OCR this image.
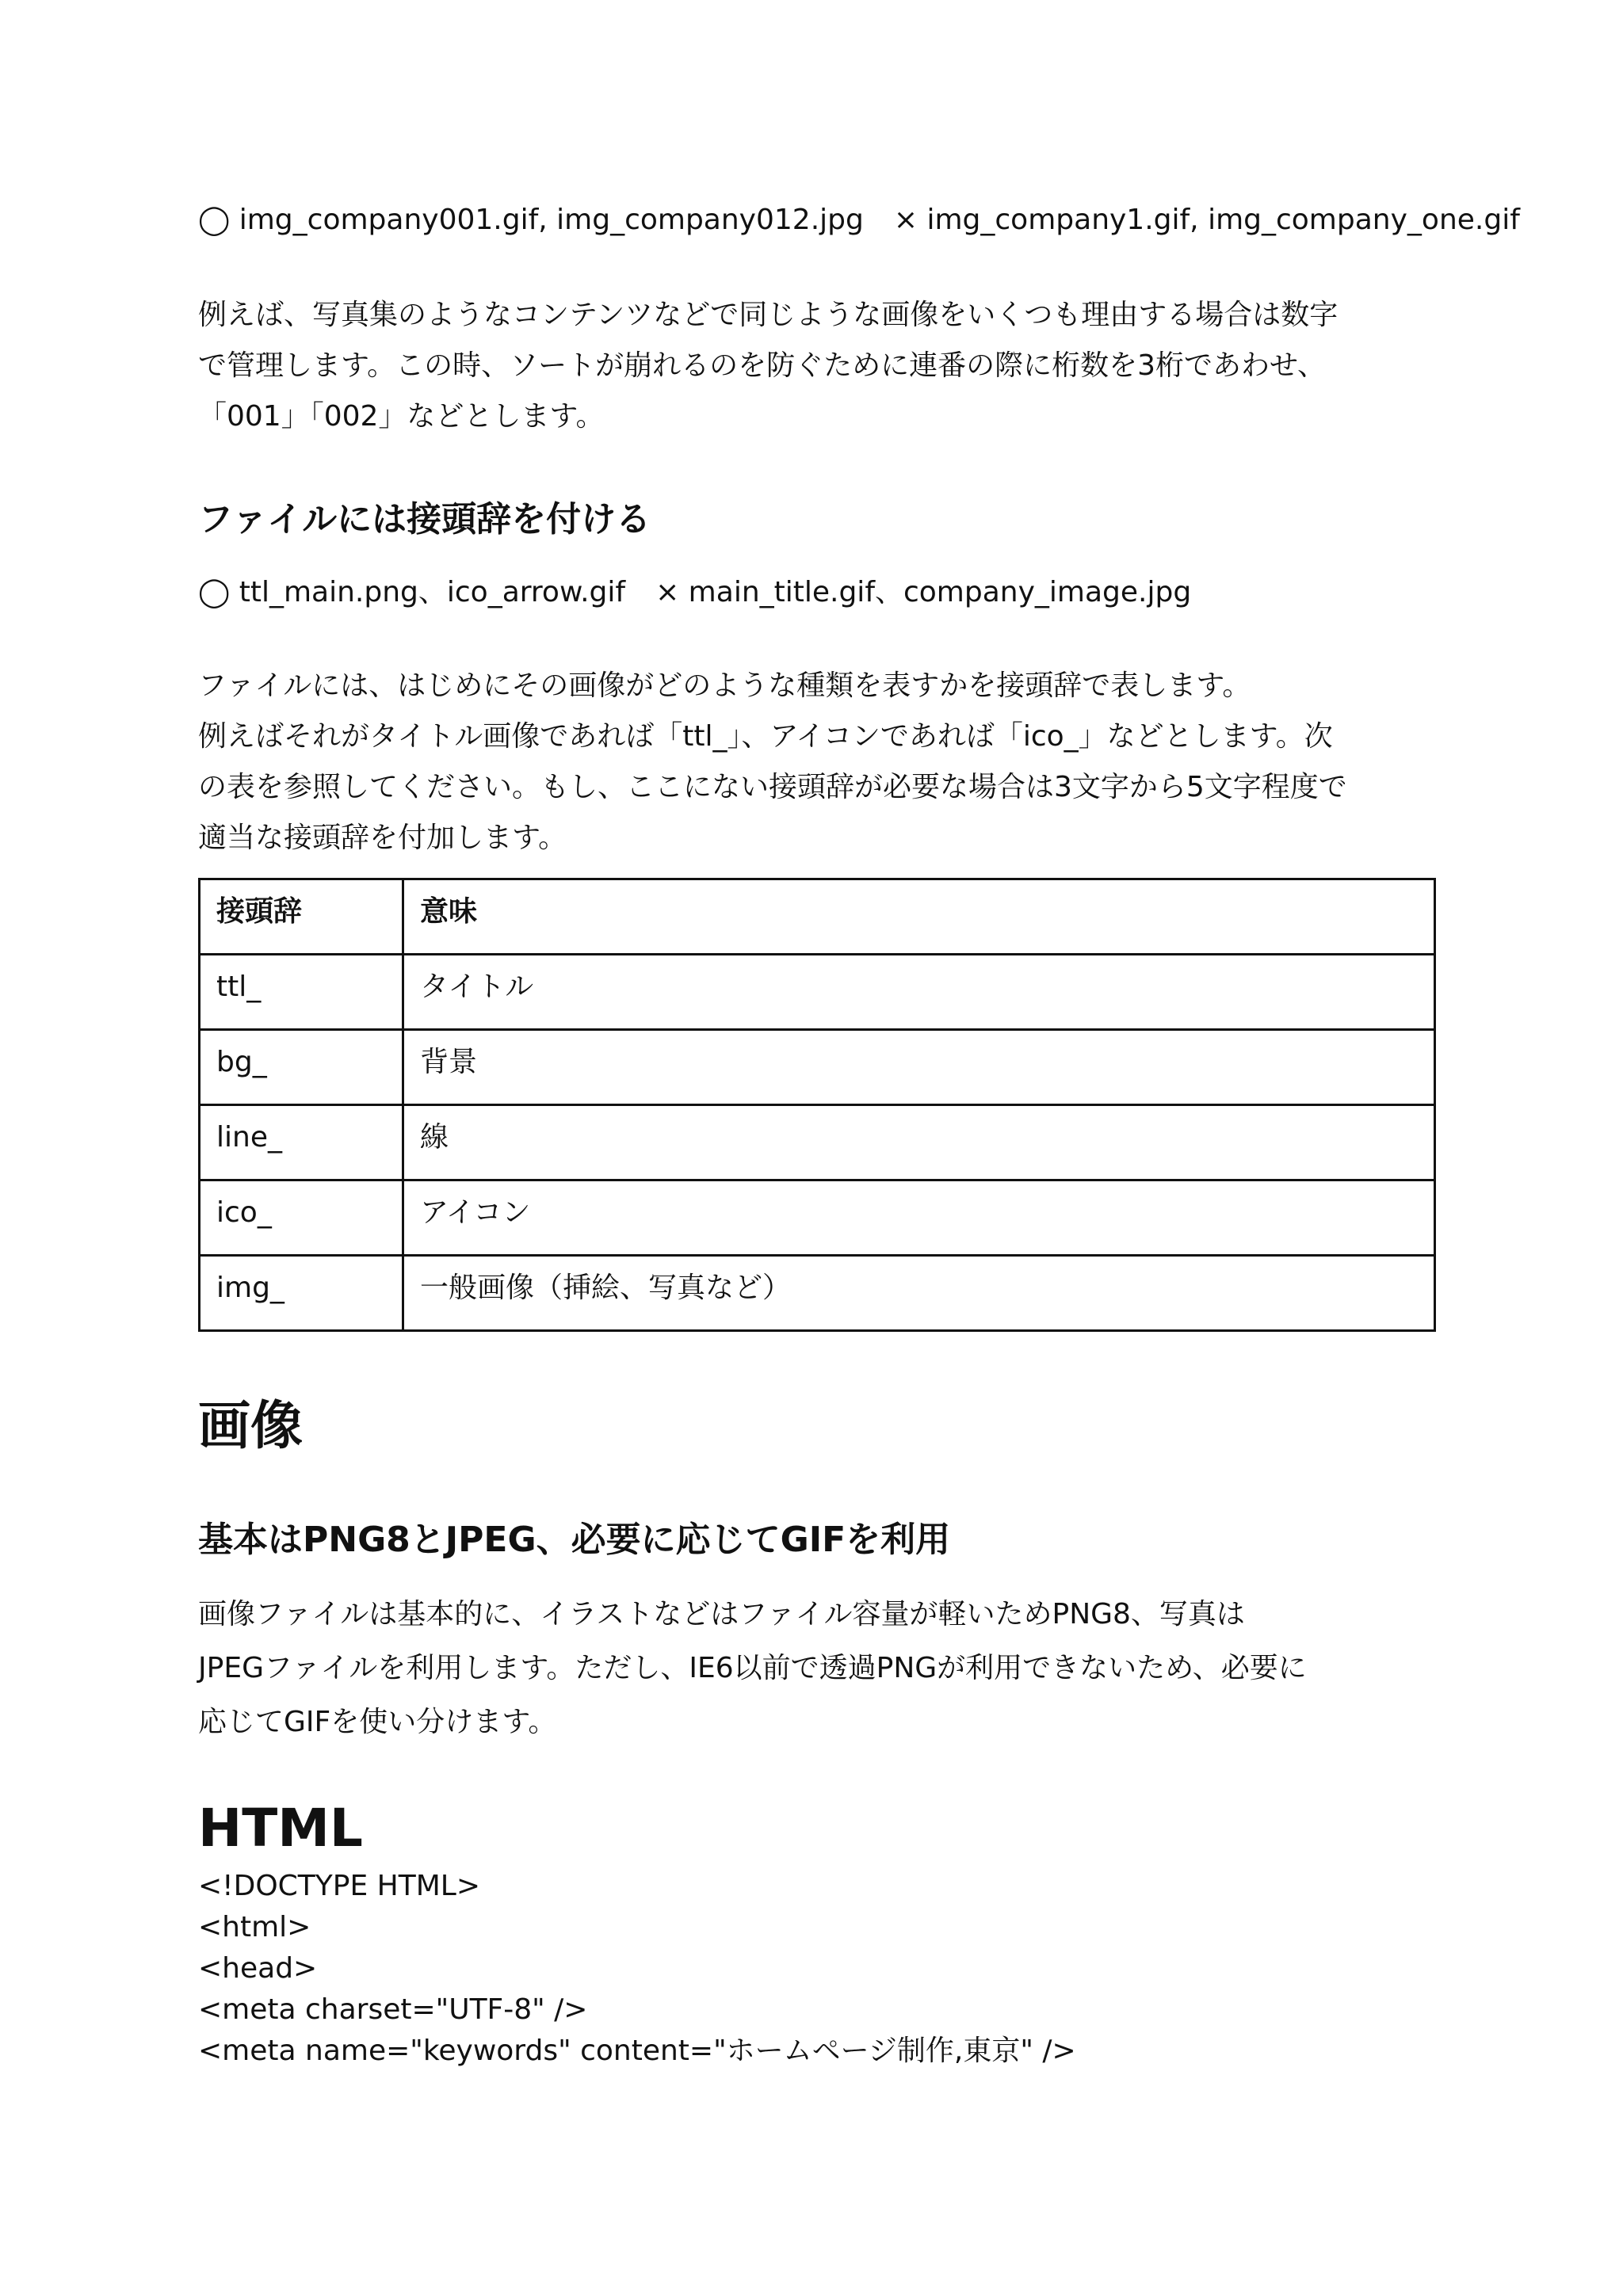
◯ img_company001.gif, img_company012.jpg × img_company1.gif, img_company_one.gif

例えば、写真集のようなコンテンツなどで同じような画像をいくつも理由する場合は数字

で管理します。この時、ソートが崩れるのを防ぐために連番の際に桁数を3桁であわせ、

「001」「002」などとします。

ファイルには接頭辞を付ける
◯ ttl_main.png、ico_arrow.gif × main_title.gif、company_image.jpg

ファイルには、はじめにその画像がどのような種類を表すかを接頭辞で表します。

例えばそれがタイトル画像であれば「ttl_」、アイコンであれば「ico_」などとします。次

の表を参照してください。もし、ここにない接頭辞が必要な場合は3文字から5文字程度で

適当な接頭辞を付加します。

接頭辞	意味
ttl_	タイトル
bg_	背景
line_	線
ico_	アイコン
img_	一般画像（挿絵、写真など）
画像
基本はPNG8とJPEG、必要に応じてGIFを利用

画像ファイルは基本的に、イラストなどはファイル容量が軽いためPNG8、写真は

JPEGファイルを利用します。ただし、IE6以前で透過PNGが利用できないため、必要に

応じてGIFを使い分けます。

HTML
<!DOCTYPE HTML>
<html>
<head>
<meta charset="UTF-8" />
<meta name="keywords" content="ホームページ制作,東京" />
